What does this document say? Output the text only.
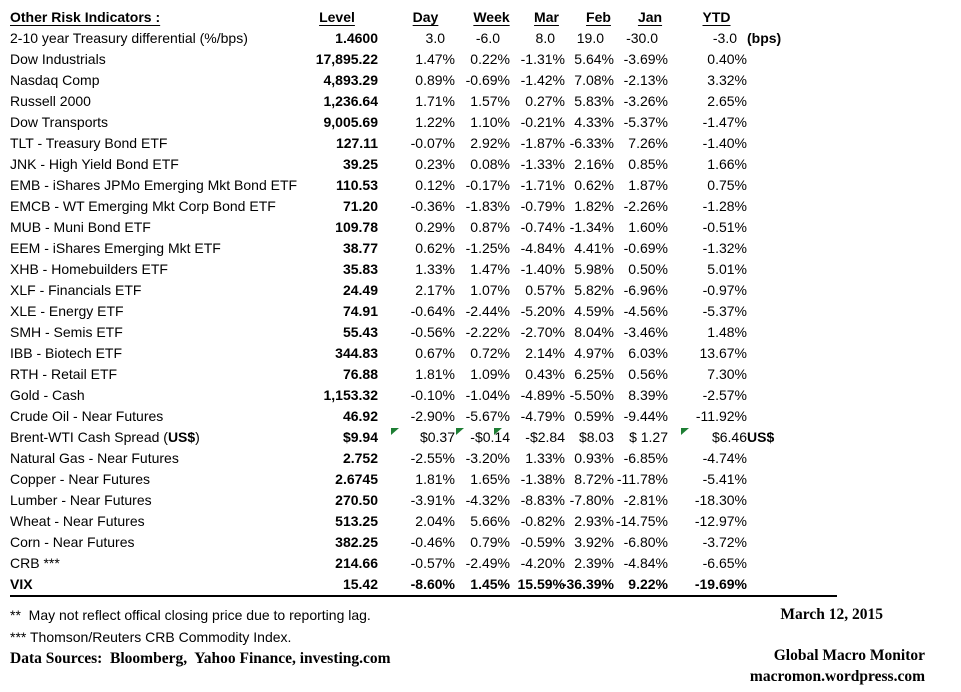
Other Risk Indicators :	Level	Day	Week	Mar	Feb	Jan	YTD	
2-10 year Treasury differential (%/bps)	1.4600	3.0	-6.0	8.0	19.0	-30.0	-3.0	(bps)
Dow Industrials	17,895.22	1.47%	0.22%	-1.31%	5.64%	-3.69%	0.40%	

Nasdaq Comp	4,893.29	0.89%	-0.69%	-1.42%	7.08%	-2.13%	3.32%	

Russell 2000	1,236.64	1.71%	1.57%	0.27%	5.83%	-3.26%	2.65%	

Dow Transports	9,005.69	1.22%	1.10%	-0.21%	4.33%	-5.37%	-1.47%	

TLT - Treasury Bond ETF	127.11	-0.07%	2.92%	-1.87%	-6.33%	7.26%	-1.40%	

JNK - High Yield Bond ETF	39.25	0.23%	0.08%	-1.33%	2.16%	0.85%	1.66%	

EMB - iShares JPMo Emerging Mkt Bond ETF	110.53	0.12%	-0.17%	-1.71%	0.62%	1.87%	0.75%	

EMCB - WT Emerging Mkt Corp Bond ETF	71.20	-0.36%	-1.83%	-0.79%	1.82%	-2.26%	-1.28%	

MUB - Muni Bond ETF	109.78	0.29%	0.87%	-0.74%	-1.34%	1.60%	-0.51%	

EEM - iShares Emerging Mkt ETF	38.77	0.62%	-1.25%	-4.84%	4.41%	-0.69%	-1.32%	

XHB - Homebuilders ETF	35.83	1.33%	1.47%	-1.40%	5.98%	0.50%	5.01%	

XLF - Financials ETF	24.49	2.17%	1.07%	0.57%	5.82%	-6.96%	-0.97%	

XLE - Energy ETF	74.91	-0.64%	-2.44%	-5.20%	4.59%	-4.56%	-5.37%	

SMH - Semis ETF	55.43	-0.56%	-2.22%	-2.70%	8.04%	-3.46%	1.48%	

IBB - Biotech ETF	344.83	0.67%	0.72%	2.14%	4.97%	6.03%	13.67%	

RTH - Retail ETF	76.88	1.81%	1.09%	0.43%	6.25%	0.56%	7.30%	

Gold - Cash	1,153.32	-0.10%	-1.04%	-4.89%	-5.50%	8.39%	-2.57%	

Crude Oil - Near Futures	46.92	-2.90%	-5.67%	-4.79%	0.59%	-9.44%	-11.92%	

Brent-WTI Cash Spread (US$)	$9.94	$0.37	-$0.14	-$2.84	$8.03	$ 1.27	$6.46	US$
Natural Gas - Near Futures	2.752	-2.55%	-3.20%	1.33%	0.93%	-6.85%	-4.74%	

Copper - Near Futures	2.6745	1.81%	1.65%	-1.38%	8.72%	-11.78%	-5.41%	

Lumber - Near Futures	270.50	-3.91%	-4.32%	-8.83%	-7.80%	-2.81%	-18.30%	

Wheat - Near Futures	513.25	2.04%	5.66%	-0.82%	2.93%	-14.75%	-12.97%	

Corn - Near Futures	382.25	-0.46%	0.79%	-0.59%	3.92%	-6.80%	-3.72%	

CRB ***	214.66	-0.57%	-2.49%	-4.20%	2.39%	-4.84%	-6.65%	

VIX	15.42	-8.60%	1.45%	15.59%	-36.39%	9.22%	-19.69%	

**  May not reflect offical closing price due to reporting lag.
*** Thomson/Reuters CRB Commodity Index.
Data Sources:  Bloomberg,  Yahoo Finance, investing.com
March 12, 2015
Global Macro Monitor
macromon.wordpress.com
